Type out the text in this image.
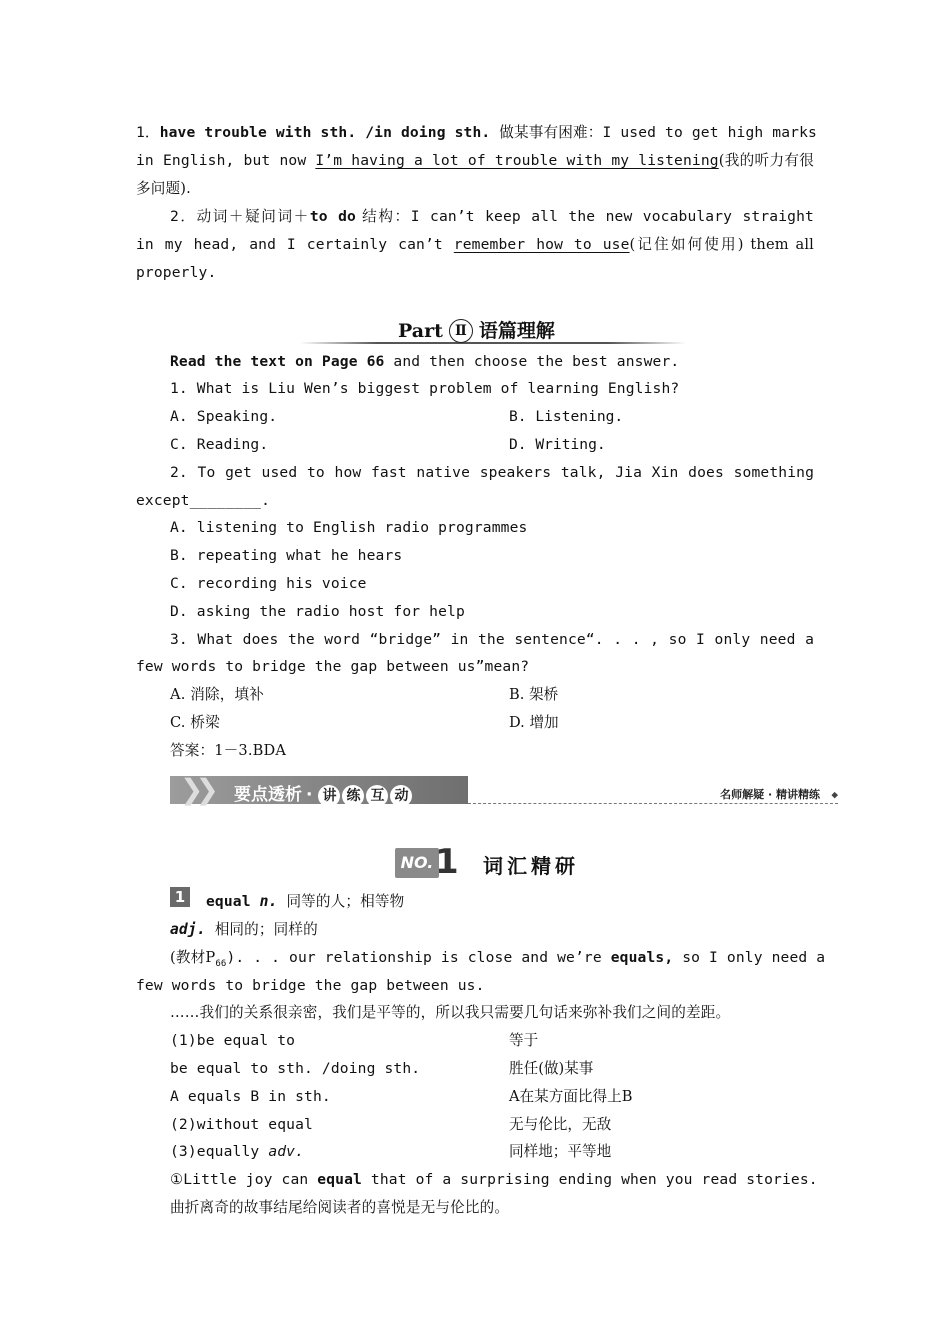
1．have trouble with sth. /in doing sth. 做某事有困难：I used to get high marks
in English, but now I’m having a lot of trouble with my listening(我的听力有很
多问题).
2．动词＋疑问词＋to do 结构：I can’t keep all the new vocabulary straight
in my head, and I certainly can’t remember how to use(记住如何使用) them all
properly.
Part Ⅱ 语篇理解
Read the text on Page 66 and then choose the best answer.
1. What is Liu Wen’s biggest problem of learning English?
A. Speaking.	B. Listening.
C. Reading.	D. Writing.
2. To get used to how fast native speakers talk, Jia Xin does something
except________.
A. listening to English radio programmes
B. repeating what he hears
C. recording his voice
D. asking the radio host for help
3. What does the word “bridge” in the sentence“. . . , so I only need a
few words to bridge the gap between us”mean?
A. 消除，填补	B. 架桥
C. 桥梁	D. 增加
答案：1－3.BDA
❯❯ 要点透析 · 讲 练 互 动	名师解疑 · 精讲精练 ◆
NO. 1 词汇精研
1	equal n. 同等的人；相等物
adj. 相同的；同样的
(教材$P_{66}$). . . our relationship is close and we’re equals, so I only need a
few words to bridge the gap between us.
……我们的关系很亲密，我们是平等的，所以我只需要几句话来弥补我们之间的差距。
(1)be equal to	等于
be equal to sth. /doing sth.	胜任(做)某事
A equals B in sth.	A在某方面比得上B
(2)without equal	无与伦比，无敌
(3)equally adv.	同样地；平等地
①Little joy can equal that of a surprising ending when you read stories.
曲折离奇的故事结尾给阅读者的喜悦是无与伦比的。
